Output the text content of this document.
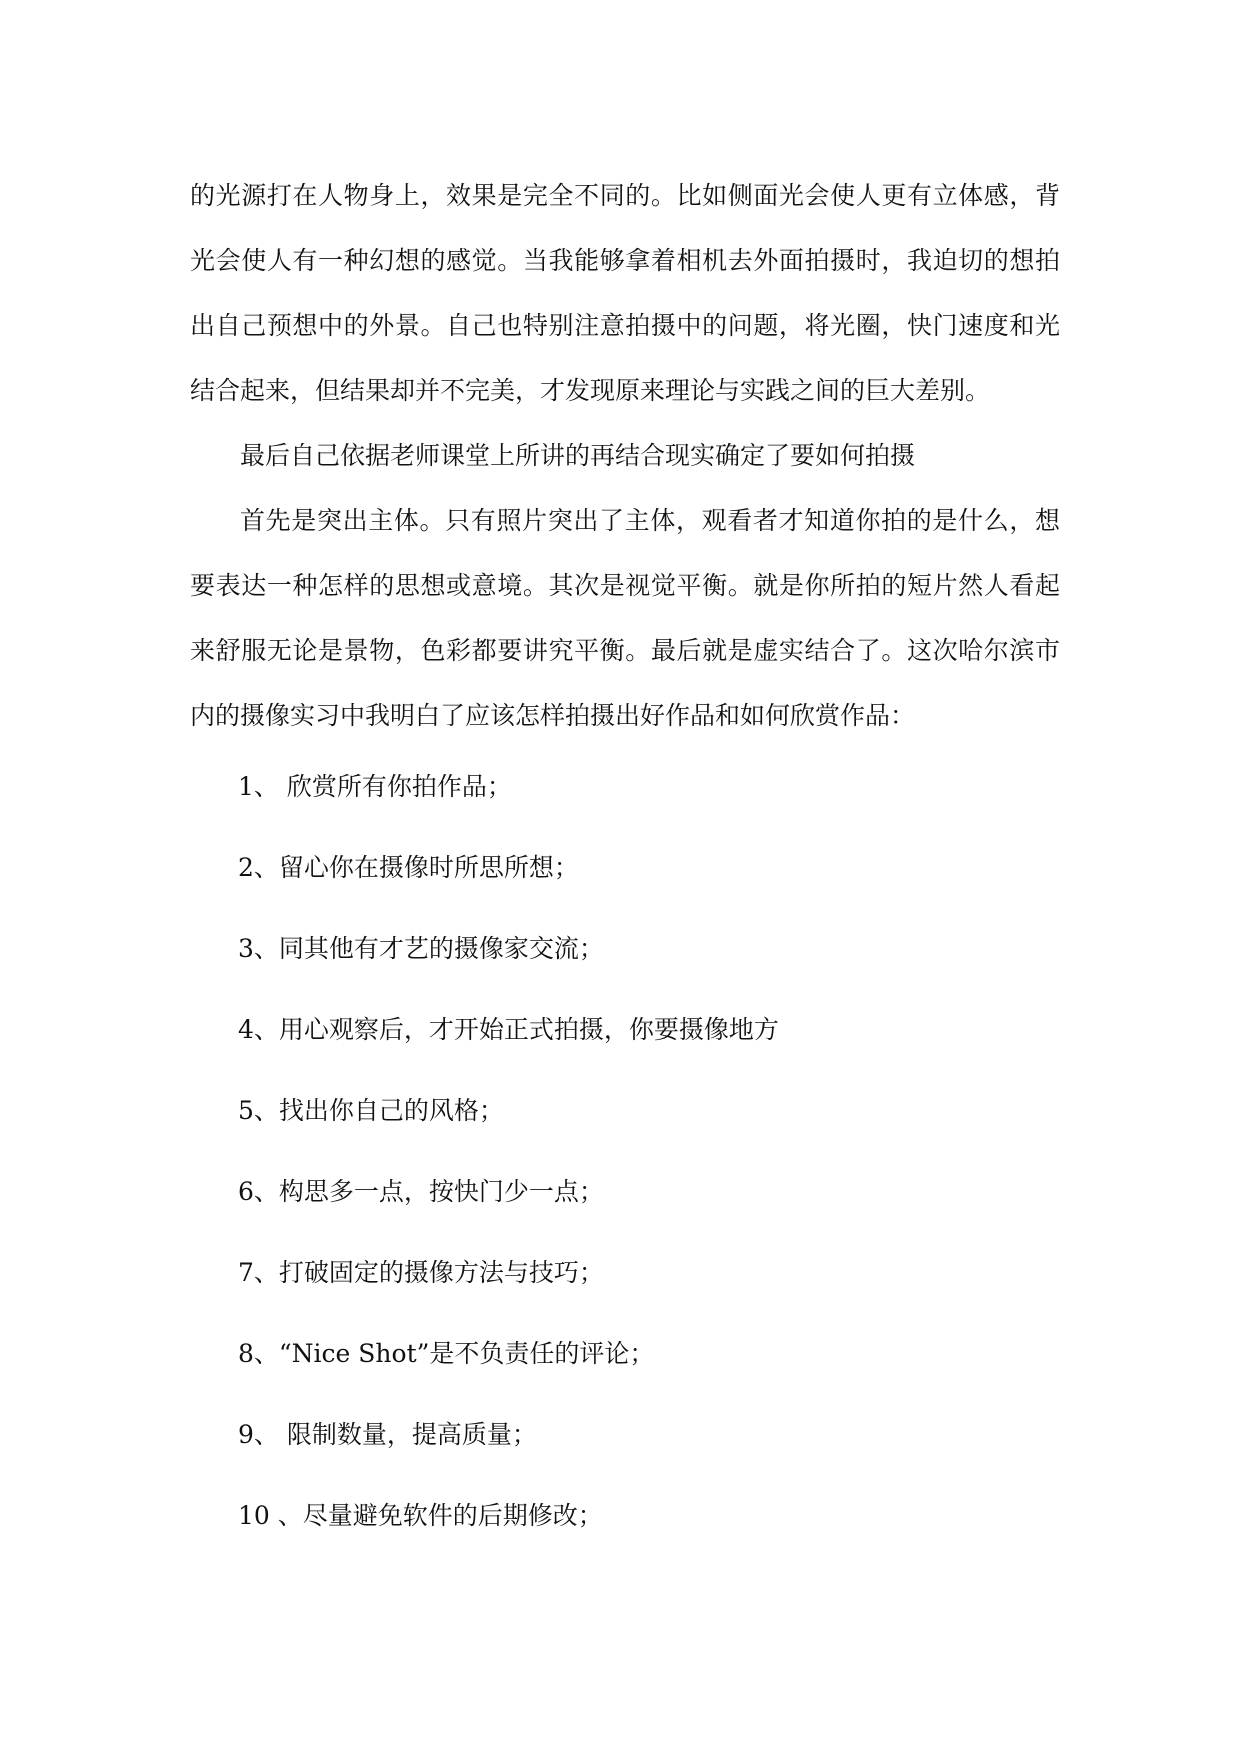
的光源打在人物身上，效果是完全不同的。比如侧面光会使人更有立体感，背光会使人有一种幻想的感觉。当我能够拿着相机去外面拍摄时，我迫切的想拍出自己预想中的外景。自己也特别注意拍摄中的问题，将光圈，快门速度和光结合起来，但结果却并不完美，才发现原来理论与实践之间的巨大差别。

最后自己依据老师课堂上所讲的再结合现实确定了要如何拍摄

首先是突出主体。只有照片突出了主体，观看者才知道你拍的是什么，想要表达一种怎样的思想或意境。其次是视觉平衡。就是你所拍的短片然人看起来舒服无论是景物，色彩都要讲究平衡。最后就是虚实结合了。这次哈尔滨市内的摄像实习中我明白了应该怎样拍摄出好作品和如何欣赏作品：

1、 欣赏所有你拍作品；
2、留心你在摄像时所思所想；
3、同其他有才艺的摄像家交流；
4、用心观察后，才开始正式拍摄，你要摄像地方
5、找出你自己的风格；
6、构思多一点，按快门少一点；
7、打破固定的摄像方法与技巧；
8、“Nice Shot”是不负责任的评论；
9、 限制数量，提高质量；
10 、尽量避免软件的后期修改；
